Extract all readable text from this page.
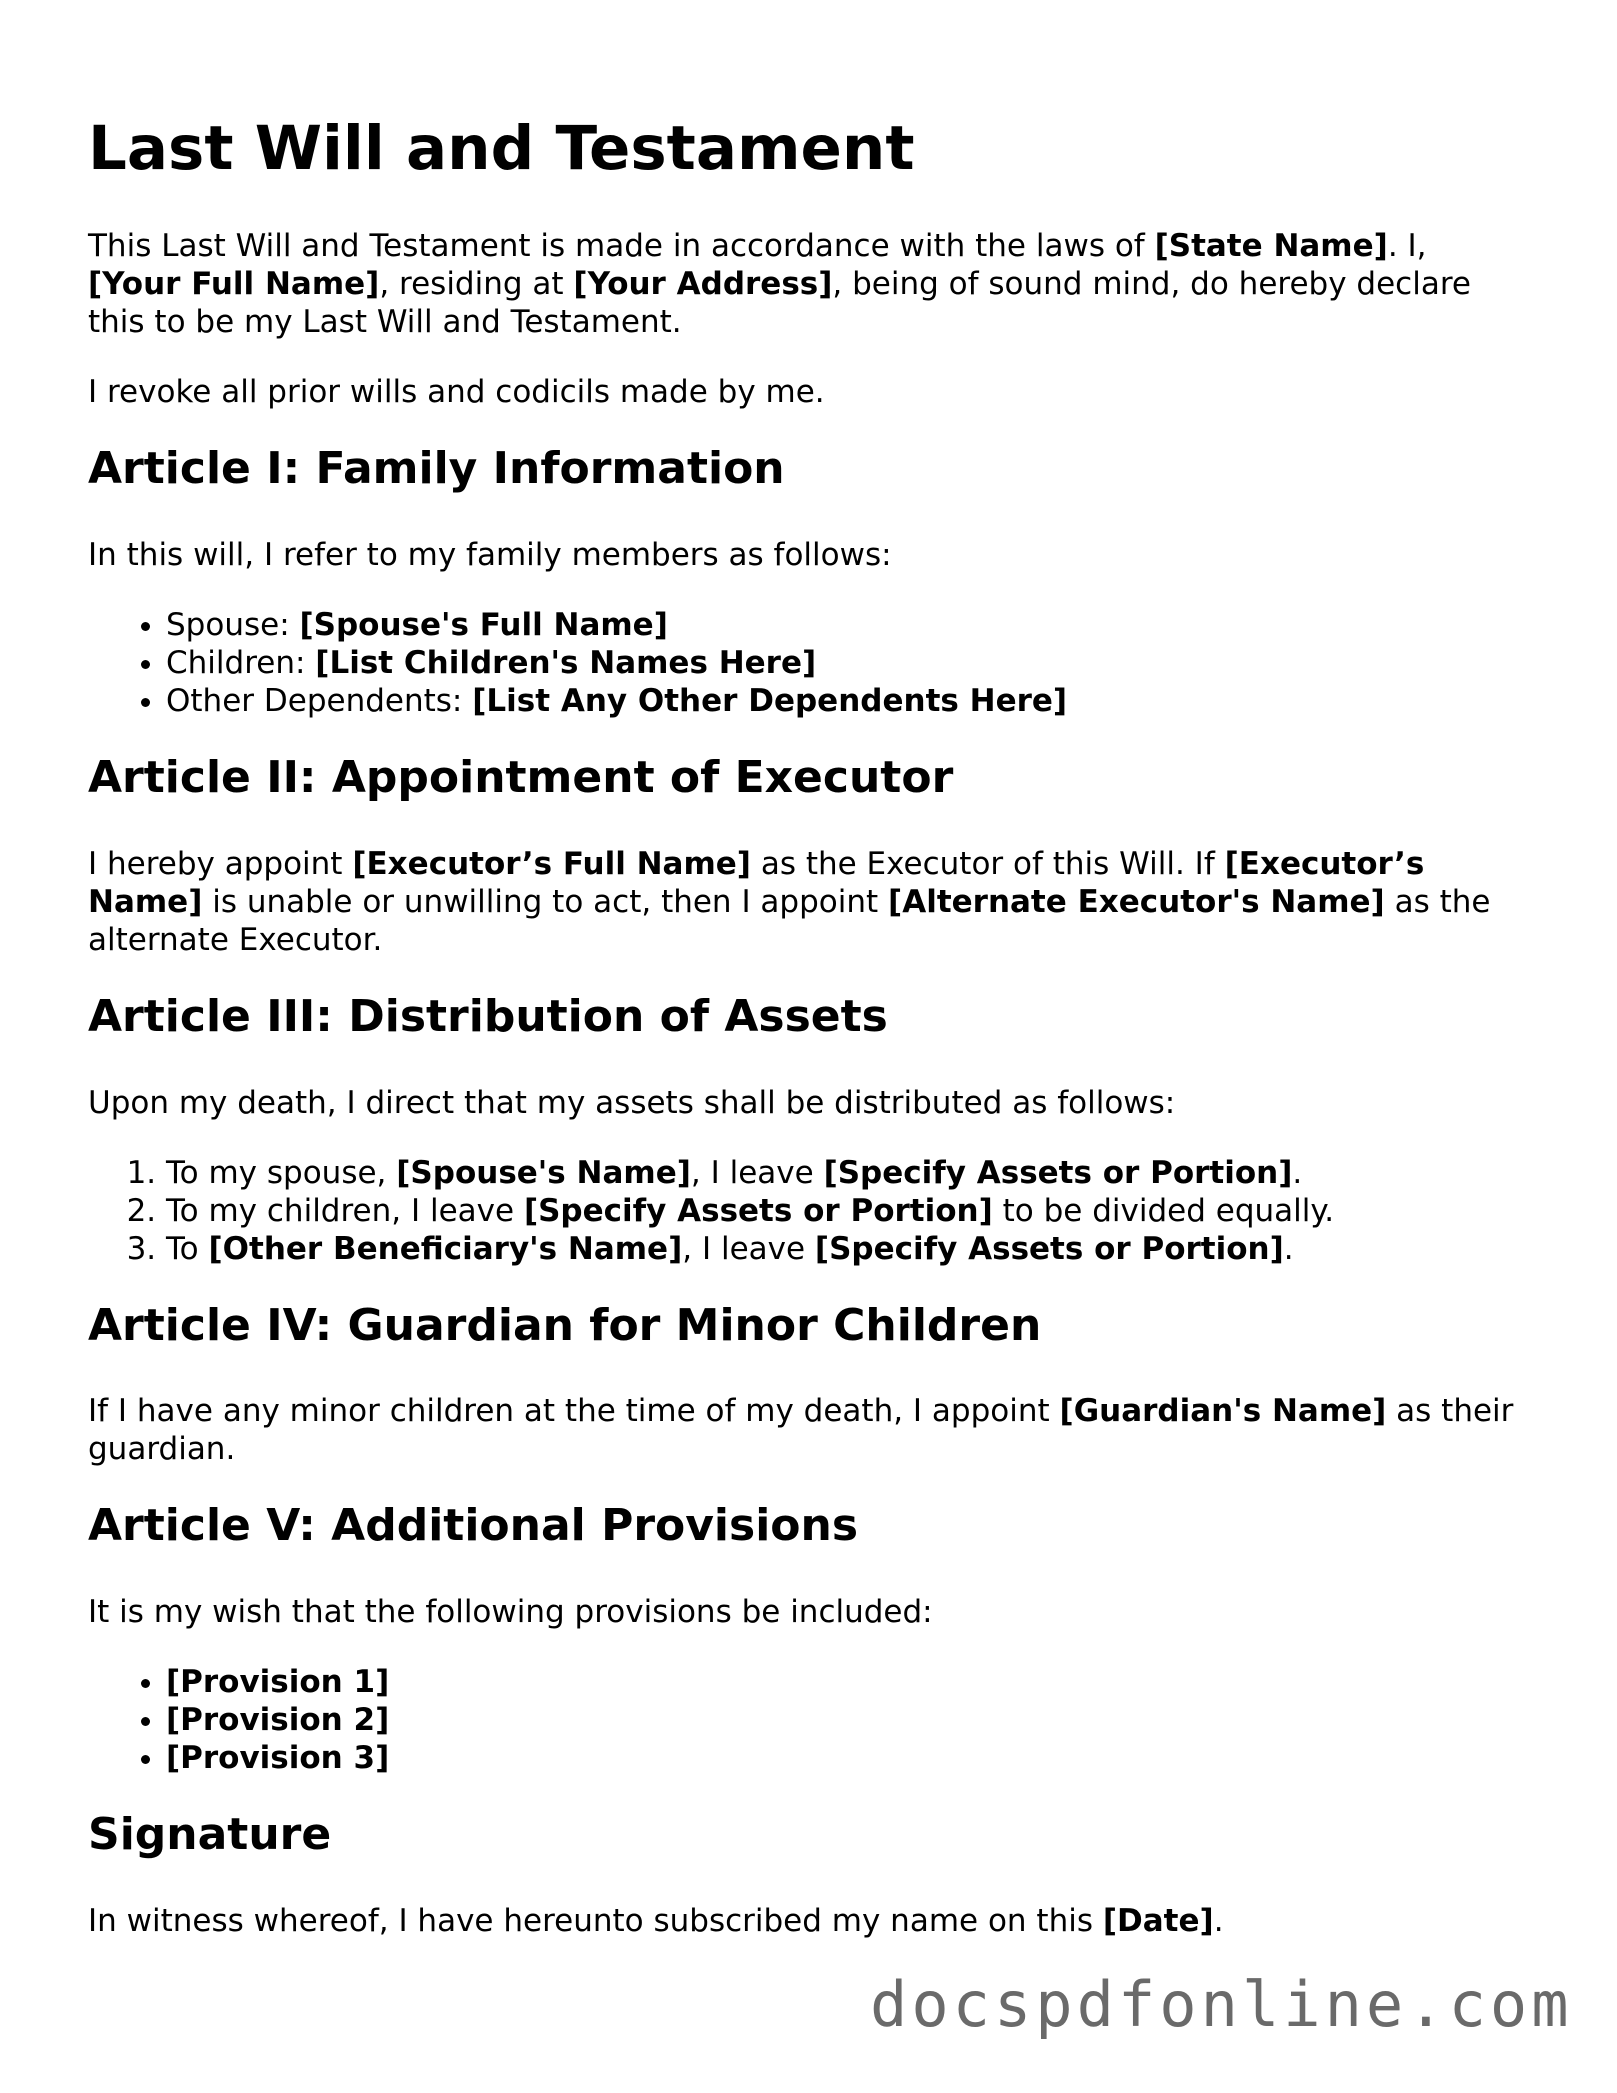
Last Will and Testament

This Last Will and Testament is made in accordance with the laws of [State Name]. I, [Your Full Name], residing at [Your Address], being of sound mind, do hereby declare this to be my Last Will and Testament.

I revoke all prior wills and codicils made by me.

Article I: Family Information

In this will, I refer to my family members as follows:

• Spouse: [Spouse's Full Name]
• Children: [List Children's Names Here]
• Other Dependents: [List Any Other Dependents Here]
Article II: Appointment of Executor

I hereby appoint [Executor’s Full Name] as the Executor of this Will. If [Executor’s Name] is unable or unwilling to act, then I appoint [Alternate Executor's Name] as the alternate Executor.

Article III: Distribution of Assets

Upon my death, I direct that my assets shall be distributed as follows:

1. To my spouse, [Spouse's Name], I leave [Specify Assets or Portion].
2. To my children, I leave [Specify Assets or Portion] to be divided equally.
3. To [Other Beneficiary's Name], I leave [Specify Assets or Portion].
Article IV: Guardian for Minor Children

If I have any minor children at the time of my death, I appoint [Guardian's Name] as their guardian.

Article V: Additional Provisions

It is my wish that the following provisions be included:

• [Provision 1]
• [Provision 2]
• [Provision 3]
Signature

In witness whereof, I have hereunto subscribed my name on this [Date].

docspdfonline.com
